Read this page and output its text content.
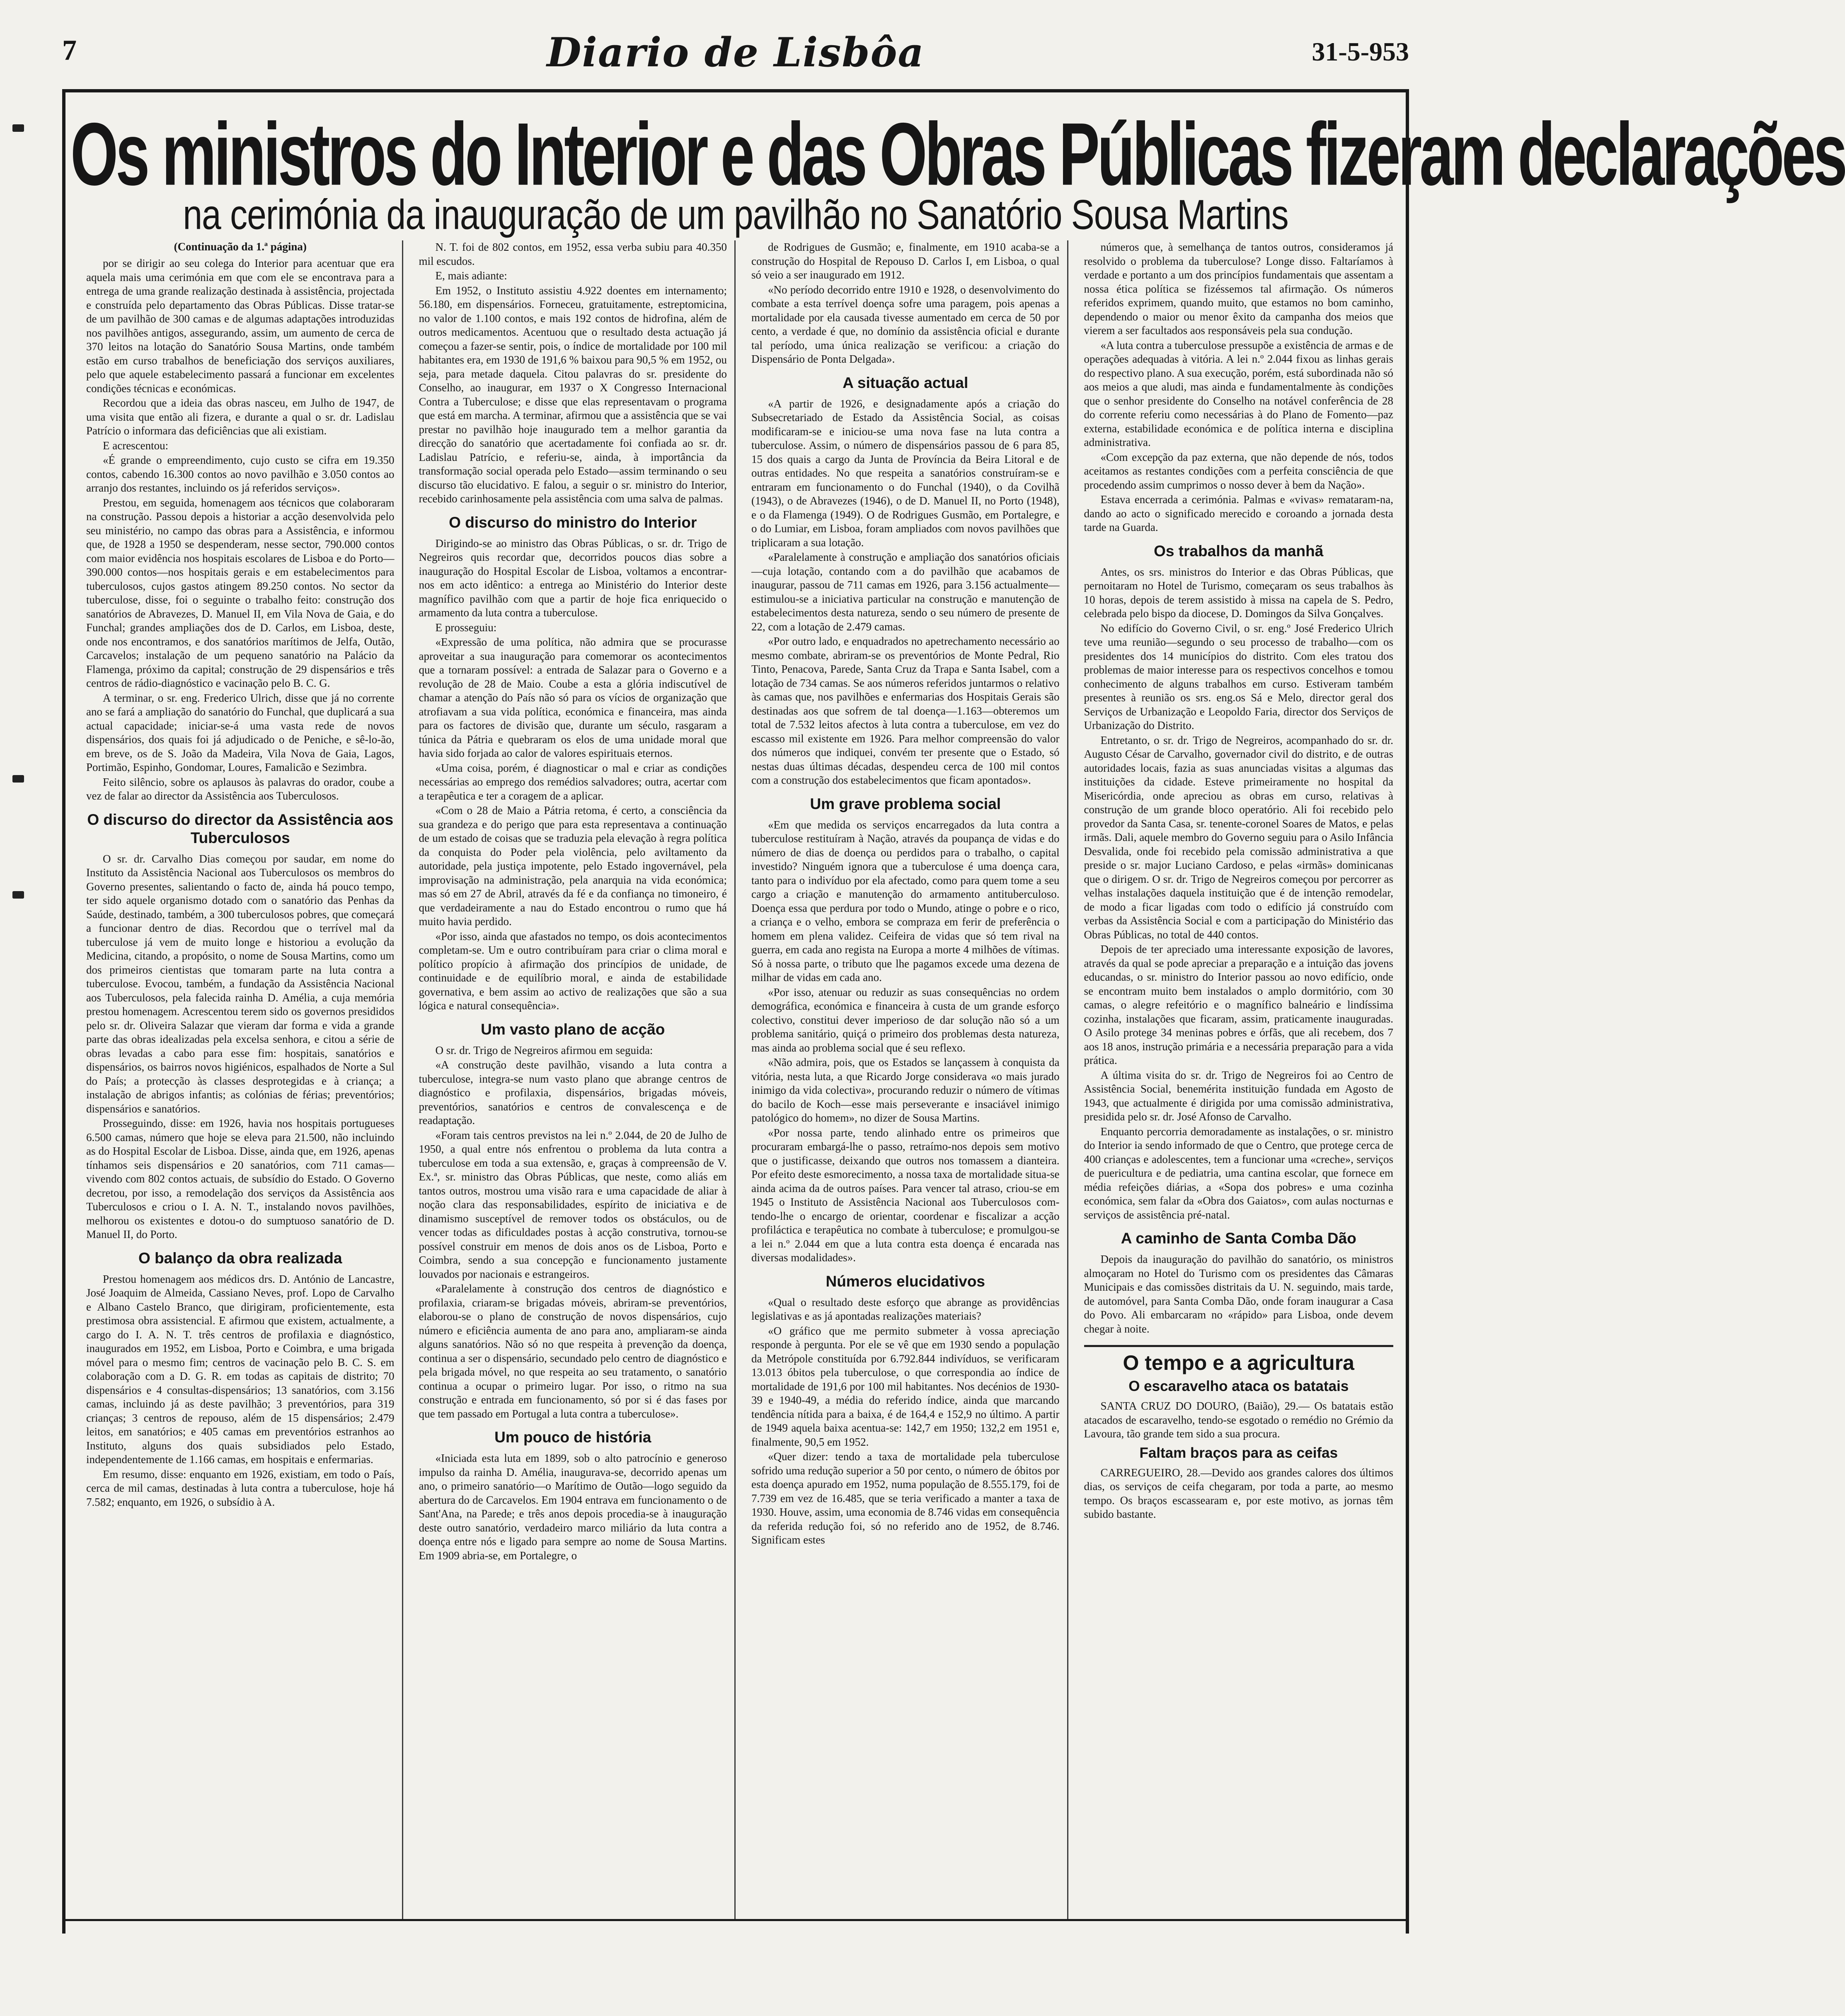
7	Diario de Lisbôa	31-5-953
Os ministros do Interior e das Obras Públicas fizeram declarações
na cerimónia da inauguração de um pavilhão no Sanatório Sousa Martins
(Continuação da 1.ª página)

por se dirigir ao seu colega do Interior para acentuar que era aquela mais uma cerimónia em que com ele se encontrava para a entrega de uma grande realização destinada à assistência, projectada e construída pelo departamento das Obras Públicas. Disse tratar-se de um pavilhão de 300 camas e de algumas adaptações introduzidas nos pavilhões antigos, assegurando, assim, um aumento de cerca de 370 leitos na lotação do Sanatório Sousa Martins, onde também estão em curso trabalhos de beneficiação dos serviços auxiliares, pelo que aquele estabelecimento passará a funcionar em excelentes condições técnicas e económicas.

Recordou que a ideia das obras nasceu, em Julho de 1947, de uma visita que então ali fizera, e durante a qual o sr. dr. Ladislau Patrício o informara das deficiências que ali existiam.

E acrescentou:

«É grande o empreendimento, cujo custo se cifra em 19.350 contos, cabendo 16.300 contos ao novo pavilhão e 3.050 contos ao arranjo dos restantes, incluindo os já referidos serviços».

Prestou, em seguida, homenagem aos técnicos que colaboraram na construção. Passou depois a historiar a acção desenvolvida pelo seu ministério, no campo das obras para a Assistência, e informou que, de 1928 a 1950 se despenderam, nesse sector, 790.000 contos com maior evidência nos hospitais escolares de Lisboa e do Porto—390.000 contos—nos hospitais gerais e em estabelecimentos para tuberculosos, cujos gastos atingem 89.250 contos. No sector da tuberculose, disse, foi o seguinte o trabalho feito: construção dos sanatórios de Abravezes, D. Manuel II, em Vila Nova de Gaia, e do Funchal; grandes ampliações dos de D. Carlos, em Lisboa, deste, onde nos encontramos, e dos sanatórios marítimos de Jelfa, Outão, Carcavelos; instalação de um pequeno sanatório na Palácio da Flamenga, próximo da capital; construção de 29 dispensários e três centros de rádio-diagnóstico e vacinação pelo B. C. G.

A terminar, o sr. eng. Frederico Ulrich, disse que já no corrente ano se fará a ampliação do sanatório do Funchal, que duplicará a sua actual capacidade; iniciar-se-á uma vasta rede de novos dispensários, dos quais foi já adjudicado o de Peniche, e sê-lo-ão, em breve, os de S. João da Madeira, Vila Nova de Gaia, Lagos, Portimão, Espinho, Gondomar, Loures, Famalicão e Sezimbra.

Feito silêncio, sobre os aplausos às palavras do orador, coube a vez de falar ao director da Assistência aos Tuberculosos.

O discurso do director da Assistência aos Tuberculosos

O sr. dr. Carvalho Dias começou por saudar, em nome do Instituto da Assistência Nacional aos Tuberculosos os membros do Governo presentes, salientando o facto de, ainda há pouco tempo, ter sido aquele organismo dotado com o sanatório das Penhas da Saúde, destinado, também, a 300 tuberculosos pobres, que começará a funcionar dentro de dias. Recordou que o terrível mal da tuberculose já vem de muito longe e historiou a evolução da Medicina, citando, a propósito, o nome de Sousa Martins, como um dos primeiros cientistas que tomaram parte na luta contra a tuberculose. Evocou, também, a fundação da Assistência Nacional aos Tuberculosos, pela falecida rainha D. Amélia, a cuja memória prestou homenagem. Acrescentou terem sido os governos presididos pelo sr. dr. Oliveira Salazar que vieram dar forma e vida a grande parte das obras idealizadas pela excelsa senhora, e citou a série de obras levadas a cabo para esse fim: hospitais, sanatórios e dispensários, os bairros novos higiénicos, espalhados de Norte a Sul do País; a protecção às classes desprotegidas e à criança; a instalação de abrigos infantis; as colónias de férias; preventórios; dispensários e sanatórios.

Prosseguindo, disse: em 1926, havia nos hospitais portugueses 6.500 camas, número que hoje se eleva para 21.500, não incluindo as do Hospital Escolar de Lisboa. Disse, ainda que, em 1926, apenas tínhamos seis dispensários e 20 sanatórios, com 711 camas—vivendo com 802 contos actuais, de subsídio do Estado. O Governo decretou, por isso, a remodelação dos serviços da Assistência aos Tuberculosos e criou o I. A. N. T., instalando novos pavilhões, melhorou os existentes e dotou-o do sumptuoso sanatório de D. Manuel II, do Porto.

O balanço da obra realizada

Prestou homenagem aos médicos drs. D. António de Lancastre, José Joaquim de Almeida, Cassiano Neves, prof. Lopo de Carvalho e Albano Castelo Branco, que dirigiram, proficientemente, esta prestimosa obra assistencial. E afirmou que existem, actualmente, a cargo do I. A. N. T. três centros de profilaxia e diagnóstico, inaugurados em 1952, em Lisboa, Porto e Coimbra, e uma brigada móvel para o mesmo fim; centros de vacinação pelo B. C. S. em colaboração com a D. G. R. em todas as capitais de distrito; 70 dispensários e 4 consultas-dispensários; 13 sanatórios, com 3.156 camas, incluindo já as deste pavilhão; 3 preventórios, para 319 crianças; 3 centros de repouso, além de 15 dispensários; 2.479 leitos, em sanatórios; e 405 camas em preventórios estranhos ao Instituto, alguns dos quais subsidiados pelo Estado, independentemente de 1.166 camas, em hospitais e enfermarias.

Em resumo, disse: enquanto em 1926, existiam, em todo o País, cerca de mil camas, destinadas à luta contra a tuberculose, hoje há 7.582; enquanto, em 1926, o subsídio à A.

N. T. foi de 802 contos, em 1952, essa verba subiu para 40.350 mil escudos.

E, mais adiante:

Em 1952, o Instituto assistiu 4.922 doentes em internamento; 56.180, em dispensários. Forneceu, gratuitamente, estreptomicina, no valor de 1.100 contos, e mais 192 contos de hidrofina, além de outros medicamentos. Acentuou que o resultado desta actuação já começou a fazer-se sentir, pois, o índice de mortalidade por 100 mil habitantes era, em 1930 de 191,6 % baixou para 90,5 % em 1952, ou seja, para metade daquela. Citou palavras do sr. presidente do Conselho, ao inaugurar, em 1937 o X Congresso Internacional Contra a Tuberculose; e disse que elas representavam o programa que está em marcha. A terminar, afirmou que a assistência que se vai prestar no pavilhão hoje inaugurado tem a melhor garantia da direcção do sanatório que acertadamente foi confiada ao sr. dr. Ladislau Patrício, e referiu-se, ainda, à importância da transformação social operada pelo Estado—assim terminando o seu discurso tão elucidativo. E falou, a seguir o sr. ministro do Interior, recebido carinhosamente pela assistência com uma salva de palmas.

O discurso do ministro do Interior

Dirigindo-se ao ministro das Obras Públicas, o sr. dr. Trigo de Negreiros quis recordar que, decorridos poucos dias sobre a inauguração do Hospital Escolar de Lisboa, voltamos a encontrar-nos em acto idêntico: a entrega ao Ministério do Interior deste magnífico pavilhão com que a partir de hoje fica enriquecido o armamento da luta contra a tuberculose.

E prosseguiu:

«Expressão de uma política, não admira que se procurasse aproveitar a sua inauguração para comemorar os acontecimentos que a tornaram possível: a entrada de Salazar para o Governo e a revolução de 28 de Maio. Coube a esta a glória indiscutível de chamar a atenção do País não só para os vícios de organização que atrofiavam a sua vida política, económica e financeira, mas ainda para os factores de divisão que, durante um século, rasgaram a túnica da Pátria e quebraram os elos de uma unidade moral que havia sido forjada ao calor de valores espirituais eternos.

«Uma coisa, porém, é diagnosticar o mal e criar as condições necessárias ao emprego dos remédios salvadores; outra, acertar com a terapêutica e ter a coragem de a aplicar.

«Com o 28 de Maio a Pátria retoma, é certo, a consciência da sua grandeza e do perigo que para esta representava a continuação de um estado de coisas que se traduzia pela elevação à regra política da conquista do Poder pela violência, pelo aviltamento da autoridade, pela justiça impotente, pelo Estado ingovernável, pela improvisação na administração, pela anarquia na vida económica; mas só em 27 de Abril, através da fé e da confiança no timoneiro, é que verdadeiramente a nau do Estado encontrou o rumo que há muito havia perdido.

«Por isso, ainda que afastados no tempo, os dois acontecimentos completam-se. Um e outro contribuíram para criar o clima moral e político propício à afirmação dos princípios de unidade, de continuidade e de equilíbrio moral, e ainda de estabilidade governativa, e bem assim ao activo de realizações que são a sua lógica e natural consequência».

Um vasto plano de acção

O sr. dr. Trigo de Negreiros afirmou em seguida:

«A construção deste pavilhão, visando a luta contra a tuberculose, integra-se num vasto plano que abrange centros de diagnóstico e profilaxia, dispensários, brigadas móveis, preventórios, sanatórios e centros de convalescença e de readaptação.

«Foram tais centros previstos na lei n.º 2.044, de 20 de Julho de 1950, a qual entre nós enfrentou o problema da luta contra a tuberculose em toda a sua extensão, e, graças à compreensão de V. Ex.ª, sr. ministro das Obras Públicas, que neste, como aliás em tantos outros, mostrou uma visão rara e uma capacidade de aliar à noção clara das responsabilidades, espírito de iniciativa e de dinamismo susceptível de remover todos os obstáculos, ou de vencer todas as dificuldades postas à acção construtiva, tornou-se possível construir em menos de dois anos os de Lisboa, Porto e Coimbra, sendo a sua concepção e funcionamento justamente louvados por nacionais e estrangeiros.

«Paralelamente à construção dos centros de diagnóstico e profilaxia, criaram-se brigadas móveis, abriram-se preventórios, elaborou-se o plano de construção de novos dispensários, cujo número e eficiência aumenta de ano para ano, ampliaram-se ainda alguns sanatórios. Não só no que respeita à prevenção da doença, continua a ser o dispensário, secundado pelo centro de diagnóstico e pela brigada móvel, no que respeita ao seu tratamento, o sanatório continua a ocupar o primeiro lugar. Por isso, o ritmo na sua construção e entrada em funcionamento, só por si é das fases por que tem passado em Portugal a luta contra a tuberculose».

Um pouco de história

«Iniciada esta luta em 1899, sob o alto patrocínio e generoso impulso da rainha D. Amélia, inaugurava-se, decorrido apenas um ano, o primeiro sanatório—o Marítimo de Outão—logo seguido da abertura do de Carcavelos. Em 1904 entrava em funcionamento o de Sant'Ana, na Parede; e três anos depois procedia-se à inauguração deste outro sanatório, verdadeiro marco miliário da luta contra a doença entre nós e ligado para sempre ao nome de Sousa Martins. Em 1909 abria-se, em Portalegre, o

de Rodrigues de Gusmão; e, finalmente, em 1910 acaba-se a construção do Hospital de Repouso D. Carlos I, em Lisboa, o qual só veio a ser inaugurado em 1912.

«No período decorrido entre 1910 e 1928, o desenvolvimento do combate a esta terrível doença sofre uma paragem, pois apenas a mortalidade por ela causada tivesse aumentado em cerca de 50 por cento, a verdade é que, no domínio da assistência oficial e durante tal período, uma única realização se verificou: a criação do Dispensário de Ponta Delgada».

A situação actual

«A partir de 1926, e designadamente após a criação do Subsecretariado de Estado da Assistência Social, as coisas modificaram-se e iniciou-se uma nova fase na luta contra a tuberculose. Assim, o número de dispensários passou de 6 para 85, 15 dos quais a cargo da Junta de Província da Beira Litoral e de outras entidades. No que respeita a sanatórios construíram-se e entraram em funcionamento o do Funchal (1940), o da Covilhã (1943), o de Abravezes (1946), o de D. Manuel II, no Porto (1948), e o da Flamenga (1949). O de Rodrigues Gusmão, em Portalegre, e o do Lumiar, em Lisboa, foram ampliados com novos pavilhões que triplicaram a sua lotação.

«Paralelamente à construção e ampliação dos sanatórios oficiais—cuja lotação, contando com a do pavilhão que acabamos de inaugurar, passou de 711 camas em 1926, para 3.156 actualmente—estimulou-se a iniciativa particular na construção e manutenção de estabelecimentos desta natureza, sendo o seu número de presente de 22, com a lotação de 2.479 camas.

«Por outro lado, e enquadrados no apetrechamento necessário ao mesmo combate, abriram-se os preventórios de Monte Pedral, Rio Tinto, Penacova, Parede, Santa Cruz da Trapa e Santa Isabel, com a lotação de 734 camas. Se aos números referidos juntarmos o relativo às camas que, nos pavilhões e enfermarias dos Hospitais Gerais são destinadas aos que sofrem de tal doença—1.163—obteremos um total de 7.532 leitos afectos à luta contra a tuberculose, em vez do escasso mil existente em 1926. Para melhor compreensão do valor dos números que indiquei, convém ter presente que o Estado, só nestas duas últimas décadas, despendeu cerca de 100 mil contos com a construção dos estabelecimentos que ficam apontados».

Um grave problema social

«Em que medida os serviços encarregados da luta contra a tuberculose restituíram à Nação, através da poupança de vidas e do número de dias de doença ou perdidos para o trabalho, o capital investido? Ninguém ignora que a tuberculose é uma doença cara, tanto para o indivíduo por ela afectado, como para quem tome a seu cargo a criação e manutenção do armamento antituberculoso. Doença essa que perdura por todo o Mundo, atinge o pobre e o rico, a criança e o velho, embora se compraza em ferir de preferência o homem em plena validez. Ceifeira de vidas que só tem rival na guerra, em cada ano regista na Europa a morte 4 milhões de vítimas. Só à nossa parte, o tributo que lhe pagamos excede uma dezena de milhar de vidas em cada ano.

«Por isso, atenuar ou reduzir as suas consequências no ordem demográfica, económica e financeira à custa de um grande esforço colectivo, constitui dever imperioso de dar solução não só a um problema sanitário, quiçá o primeiro dos problemas desta natureza, mas ainda ao problema social que é seu reflexo.

«Não admira, pois, que os Estados se lançassem à conquista da vitória, nesta luta, a que Ricardo Jorge considerava «o mais jurado inimigo da vida colectiva», procurando reduzir o número de vítimas do bacilo de Koch—esse mais perseverante e insaciável inimigo patológico do homem», no dizer de Sousa Martins.

«Por nossa parte, tendo alinhado entre os primeiros que procuraram embargá-lhe o passo, retraímo-nos depois sem motivo que o justificasse, deixando que outros nos tomassem a dianteira. Por efeito deste esmorecimento, a nossa taxa de mortalidade situa-se ainda acima da de outros países. Para vencer tal atraso, criou-se em 1945 o Instituto de Assistência Nacional aos Tuberculosos com-tendo-lhe o encargo de orientar, coordenar e fiscalizar a acção profiláctica e terapêutica no combate à tuberculose; e promulgou-se a lei n.º 2.044 em que a luta contra esta doença é encarada nas diversas modalidades».

Números elucidativos

«Qual o resultado deste esforço que abrange as providências legislativas e as já apontadas realizações materiais?

«O gráfico que me permito submeter à vossa apreciação responde à pergunta. Por ele se vê que em 1930 sendo a população da Metrópole constituída por 6.792.844 indivíduos, se verificaram 13.013 óbitos pela tuberculose, o que correspondia ao índice de mortalidade de 191,6 por 100 mil habitantes. Nos decénios de 1930-39 e 1940-49, a média do referido índice, ainda que marcando tendência nítida para a baixa, é de 164,4 e 152,9 no último. A partir de 1949 aquela baixa acentua-se: 142,7 em 1950; 132,2 em 1951 e, finalmente, 90,5 em 1952.

«Quer dizer: tendo a taxa de mortalidade pela tuberculose sofrido uma redução superior a 50 por cento, o número de óbitos por esta doença apurado em 1952, numa população de 8.555.179, foi de 7.739 em vez de 16.485, que se teria verificado a manter a taxa de 1930. Houve, assim, uma economia de 8.746 vidas em consequência da referida redução foi, só no referido ano de 1952, de 8.746. Significam estes

números que, à semelhança de tantos outros, consideramos já resolvido o problema da tuberculose? Longe disso. Faltaríamos à verdade e portanto a um dos princípios fundamentais que assentam a nossa ética política se fizéssemos tal afirmação. Os números referidos exprimem, quando muito, que estamos no bom caminho, dependendo o maior ou menor êxito da campanha dos meios que vierem a ser facultados aos responsáveis pela sua condução.

«A luta contra a tuberculose pressupõe a existência de armas e de operações adequadas à vitória. A lei n.º 2.044 fixou as linhas gerais do respectivo plano. A sua execução, porém, está subordinada não só aos meios a que aludi, mas ainda e fundamentalmente às condições que o senhor presidente do Conselho na notável conferência de 28 do corrente referiu como necessárias à do Plano de Fomento—paz externa, estabilidade económica e de política interna e disciplina administrativa.

«Com excepção da paz externa, que não depende de nós, todos aceitamos as restantes condições com a perfeita consciência de que procedendo assim cumprimos o nosso dever à bem da Nação».

Estava encerrada a cerimónia. Palmas e «vivas» remataram-na, dando ao acto o significado merecido e coroando a jornada desta tarde na Guarda.

Os trabalhos da manhã

Antes, os srs. ministros do Interior e das Obras Públicas, que pernoitaram no Hotel de Turismo, começaram os seus trabalhos às 10 horas, depois de terem assistido à missa na capela de S. Pedro, celebrada pelo bispo da diocese, D. Domingos da Silva Gonçalves.

No edifício do Governo Civil, o sr. eng.º José Frederico Ulrich teve uma reunião—segundo o seu processo de trabalho—com os presidentes dos 14 municípios do distrito. Com eles tratou dos problemas de maior interesse para os respectivos concelhos e tomou conhecimento de alguns trabalhos em curso. Estiveram também presentes à reunião os srs. eng.os Sá e Melo, director geral dos Serviços de Urbanização e Leopoldo Faria, director dos Serviços de Urbanização do Distrito.

Entretanto, o sr. dr. Trigo de Negreiros, acompanhado do sr. dr. Augusto César de Carvalho, governador civil do distrito, e de outras autoridades locais, fazia as suas anunciadas visitas a algumas das instituições da cidade. Esteve primeiramente no hospital da Misericórdia, onde apreciou as obras em curso, relativas à construção de um grande bloco operatório. Ali foi recebido pelo provedor da Santa Casa, sr. tenente-coronel Soares de Matos, e pelas irmãs. Dali, aquele membro do Governo seguiu para o Asilo Infância Desvalida, onde foi recebido pela comissão administrativa a que preside o sr. major Luciano Cardoso, e pelas «irmãs» dominicanas que o dirigem. O sr. dr. Trigo de Negreiros começou por percorrer as velhas instalações daquela instituição que é de intenção remodelar, de modo a ficar ligadas com todo o edifício já construído com verbas da Assistência Social e com a participação do Ministério das Obras Públicas, no total de 440 contos.

Depois de ter apreciado uma interessante exposição de lavores, através da qual se pode apreciar a preparação e a intuição das jovens educandas, o sr. ministro do Interior passou ao novo edifício, onde se encontram muito bem instalados o amplo dormitório, com 30 camas, o alegre refeitório e o magnífico balneário e lindíssima cozinha, instalações que ficaram, assim, praticamente inauguradas. O Asilo protege 34 meninas pobres e órfãs, que ali recebem, dos 7 aos 18 anos, instrução primária e a necessária preparação para a vida prática.

A última visita do sr. dr. Trigo de Negreiros foi ao Centro de Assistência Social, benemérita instituição fundada em Agosto de 1943, que actualmente é dirigida por uma comissão administrativa, presidida pelo sr. dr. José Afonso de Carvalho.

Enquanto percorria demoradamente as instalações, o sr. ministro do Interior ia sendo informado de que o Centro, que protege cerca de 400 crianças e adolescentes, tem a funcionar uma «creche», serviços de puericultura e de pediatria, uma cantina escolar, que fornece em média refeições diárias, a «Sopa dos pobres» e uma cozinha económica, sem falar da «Obra dos Gaiatos», com aulas nocturnas e serviços de assistência pré-natal.

A caminho de Santa Comba Dão

Depois da inauguração do pavilhão do sanatório, os ministros almoçaram no Hotel do Turismo com os presidentes das Câmaras Municipais e das comissões distritais da U. N. seguindo, mais tarde, de automóvel, para Santa Comba Dão, onde foram inaugurar a Casa do Povo. Ali embarcaram no «rápido» para Lisboa, onde devem chegar à noite.

O tempo e a agricultura
O escaravelho ataca os batatais

SANTA CRUZ DO DOURO, (Baião), 29.— Os batatais estão atacados de escaravelho, tendo-se esgotado o remédio no Grémio da Lavoura, tão grande tem sido a sua procura.

Faltam braços para as ceifas

CARREGUEIRO, 28.—Devido aos grandes calores dos últimos dias, os serviços de ceifa chegaram, por toda a parte, ao mesmo tempo. Os braços escassearam e, por este motivo, as jornas têm subido bastante.
